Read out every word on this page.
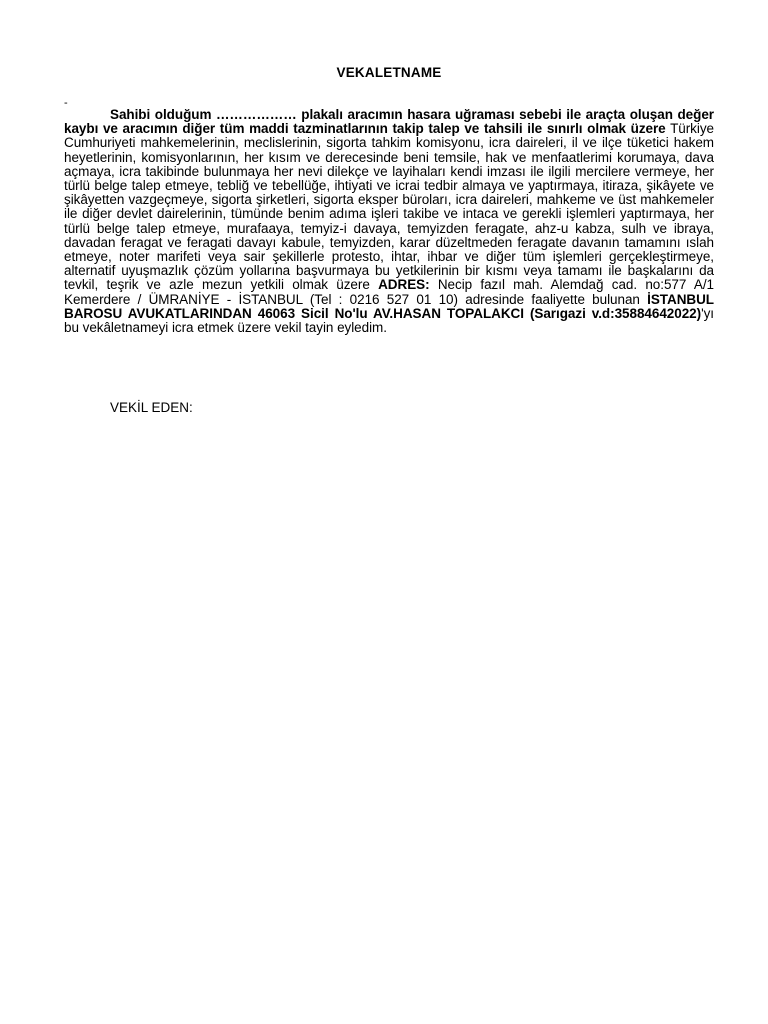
VEKALETNAME
-
Sahibi olduğum ……………… plakalı aracımın hasara uğraması sebebi ile araçta oluşan değer kaybı ve aracımın diğer tüm maddi tazminatlarının takip talep ve tahsili ile sınırlı olmak üzere Türkiye Cumhuriyeti mahkemelerinin, meclislerinin, sigorta tahkim komisyonu, icra daireleri, il ve ilçe tüketici hakem heyetlerinin, komisyonlarının, her kısım ve derecesinde beni temsile, hak ve menfaatlerimi korumaya, dava açmaya, icra takibinde bulunmaya her nevi dilekçe ve layihaları kendi imzası ile ilgili mercilere vermeye, her türlü belge talep etmeye, tebliğ ve tebellüğe, ihtiyati ve icrai tedbir almaya ve yaptırmaya, itiraza, şikâyete ve şikâyetten vazgeçmeye, sigorta şirketleri, sigorta eksper büroları, icra daireleri, mahkeme ve üst mahkemeler ile diğer devlet dairelerinin, tümünde benim adıma işleri takibe ve intaca ve gerekli işlemleri yaptırmaya, her türlü belge talep etmeye, murafaaya, temyiz-i davaya, temyizden feragate, ahz-u kabza, sulh ve ibraya, davadan feragat ve feragati davayı kabule, temyizden, karar düzeltmeden feragate davanın tamamını ıslah etmeye, noter marifeti veya sair şekillerle protesto, ihtar, ihbar ve diğer tüm işlemleri gerçekleştirmeye, alternatif uyuşmazlık çözüm yollarına başvurmaya bu yetkilerinin bir kısmı veya tamamı ile başkalarını da tevkil, teşrik ve azle mezun yetkili olmak üzere ADRES: Necip fazıl mah. Alemdağ cad. no:577 A/1 Kemerdere / ÜMRANİYE - İSTANBUL (Tel : 0216 527 01 10) adresinde faaliyette bulunan İSTANBUL BAROSU AVUKATLARINDAN 46063 Sicil No'lu AV.HASAN TOPALAKCI (Sarıgazi v.d:35884642022)'yı bu vekâletnameyi icra etmek üzere vekil tayin eyledim.
VEKİL EDEN:
